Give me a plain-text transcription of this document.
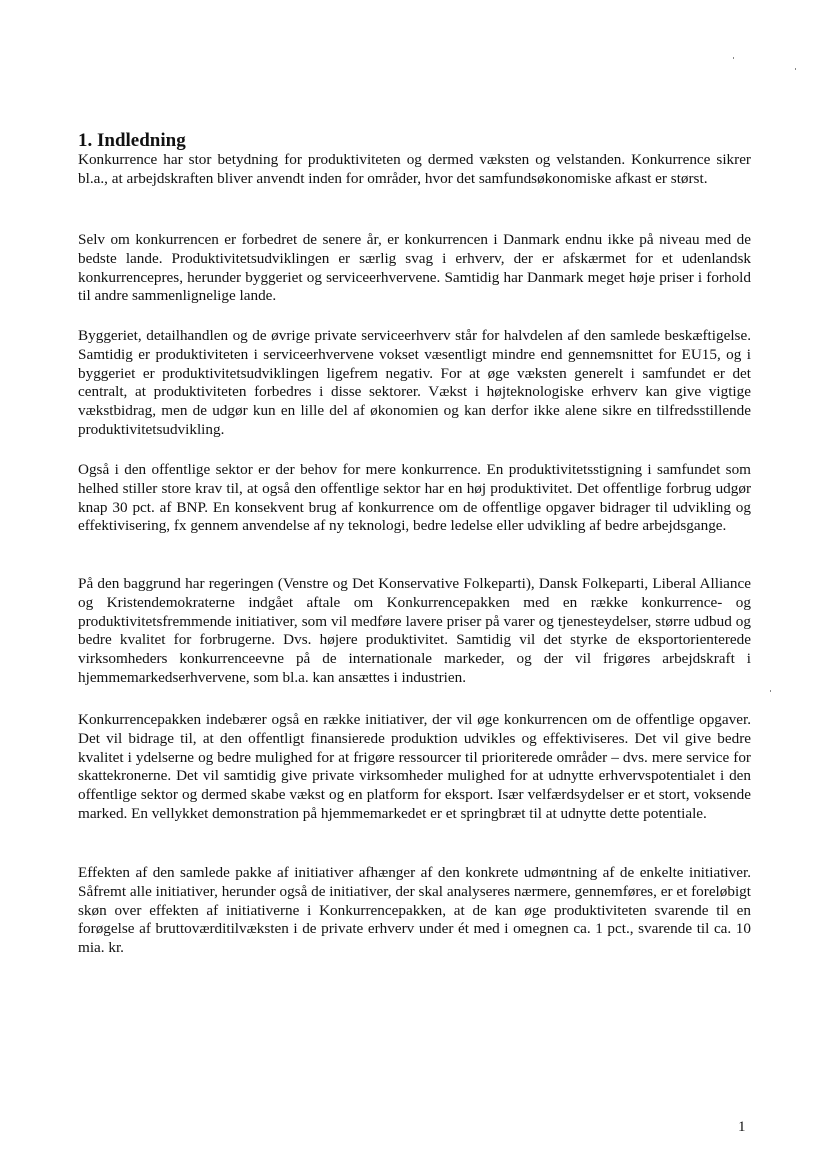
1. Indledning

Konkurrence har stor betydning for produktiviteten og dermed væksten og velstanden. Konkurrence sikrer bl.a., at arbejdskraften bliver anvendt inden for områder, hvor det samfundsøkonomiske afkast er størst.

Selv om konkurrencen er forbedret de senere år, er konkurrencen i Danmark endnu ikke på niveau med de bedste lande. Produktivitetsudviklingen er særlig svag i erhverv, der er afskærmet for et udenlandsk konkurrencepres, herunder byggeriet og serviceerhvervene. Samtidig har Danmark meget høje priser i forhold til andre sammenlignelige lande.

Byggeriet, detailhandlen og de øvrige private serviceerhverv står for halvdelen af den samlede beskæftigelse. Samtidig er produktiviteten i serviceerhvervene vokset væsentligt mindre end gennemsnittet for EU15, og i byggeriet er produktivitetsudviklingen ligefrem negativ. For at øge væksten generelt i samfundet er det centralt, at produktiviteten forbedres i disse sektorer. Vækst i højteknologiske erhverv kan give vigtige vækstbidrag, men de udgør kun en lille del af økonomien og kan derfor ikke alene sikre en tilfredsstillende produktivitetsudvikling.

Også i den offentlige sektor er der behov for mere konkurrence. En produktivitetsstigning i samfundet som helhed stiller store krav til, at også den offentlige sektor har en høj produktivitet. Det offentlige forbrug udgør knap 30 pct. af BNP. En konsekvent brug af konkurrence om de offentlige opgaver bidrager til udvikling og effektivisering, fx gennem anvendelse af ny teknologi, bedre ledelse eller udvikling af bedre arbejdsgange.

På den baggrund har regeringen (Venstre og Det Konservative Folkeparti), Dansk Folkeparti, Liberal Alliance og Kristendemokraterne indgået aftale om Konkurrencepakken med en række konkurrence- og produktivitetsfremmende initiativer, som vil medføre lavere priser på varer og tjenesteydelser, større udbud og bedre kvalitet for forbrugerne. Dvs. højere produktivitet. Samtidig vil det styrke de eksportorienterede virksomheders konkurrenceevne på de internationale markeder, og der vil frigøres arbejdskraft i hjemmemarkedserhvervene, som bl.a. kan ansættes i industrien.

Konkurrencepakken indebærer også en række initiativer, der vil øge konkurrencen om de offentlige opgaver. Det vil bidrage til, at den offentligt finansierede produktion udvikles og effektiviseres. Det vil give bedre kvalitet i ydelserne og bedre mulighed for at frigøre ressourcer til prioriterede områder – dvs. mere service for skattekronerne. Det vil samtidig give private virksomheder mulighed for at udnytte erhvervspotentialet i den offentlige sektor og dermed skabe vækst og en platform for eksport. Især velfærdsydelser er et stort, voksende marked. En vellykket demonstration på hjemmemarkedet er et springbræt til at udnytte dette potentiale.

Effekten af den samlede pakke af initiativer afhænger af den konkrete udmøntning af de enkelte initiativer. Såfremt alle initiativer, herunder også de initiativer, der skal analyseres nærmere, gennemføres, er et foreløbigt skøn over effekten af initiativerne i Konkurrencepakken, at de kan øge produktiviteten svarende til en forøgelse af bruttoværditilvæksten i de private erhverv under ét med i omegnen ca. 1 pct., svarende til ca. 10 mia. kr.

1
